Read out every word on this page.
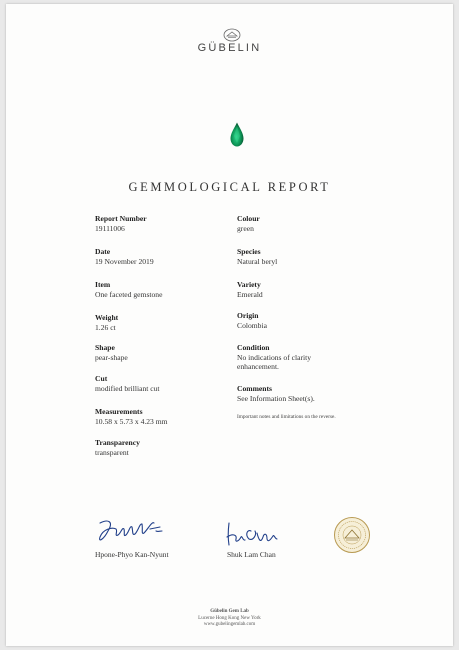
GÜBELIN
GEMMOLOGICAL REPORT
Report Number
19111006
Date
19 November 2019
Item
One faceted gemstone
Weight
1.26 ct
Shape
pear-shape
Cut
modified brilliant cut
Measurements
10.58 x 5.73 x 4.23 mm
Transparency
transparent
Colour
green
Species
Natural beryl
Variety
Emerald
Origin
Colombia
Condition
No indications of clarity
enhancement.
Comments
See Information Sheet(s).
Important notes and limitations on the reverse.
Hpone-Phyo Kan-Nyunt	Shuk Lam Chan
Gübelin Gem Lab
Lucerne Hong Kong New York
www.gubelingemlab.com
